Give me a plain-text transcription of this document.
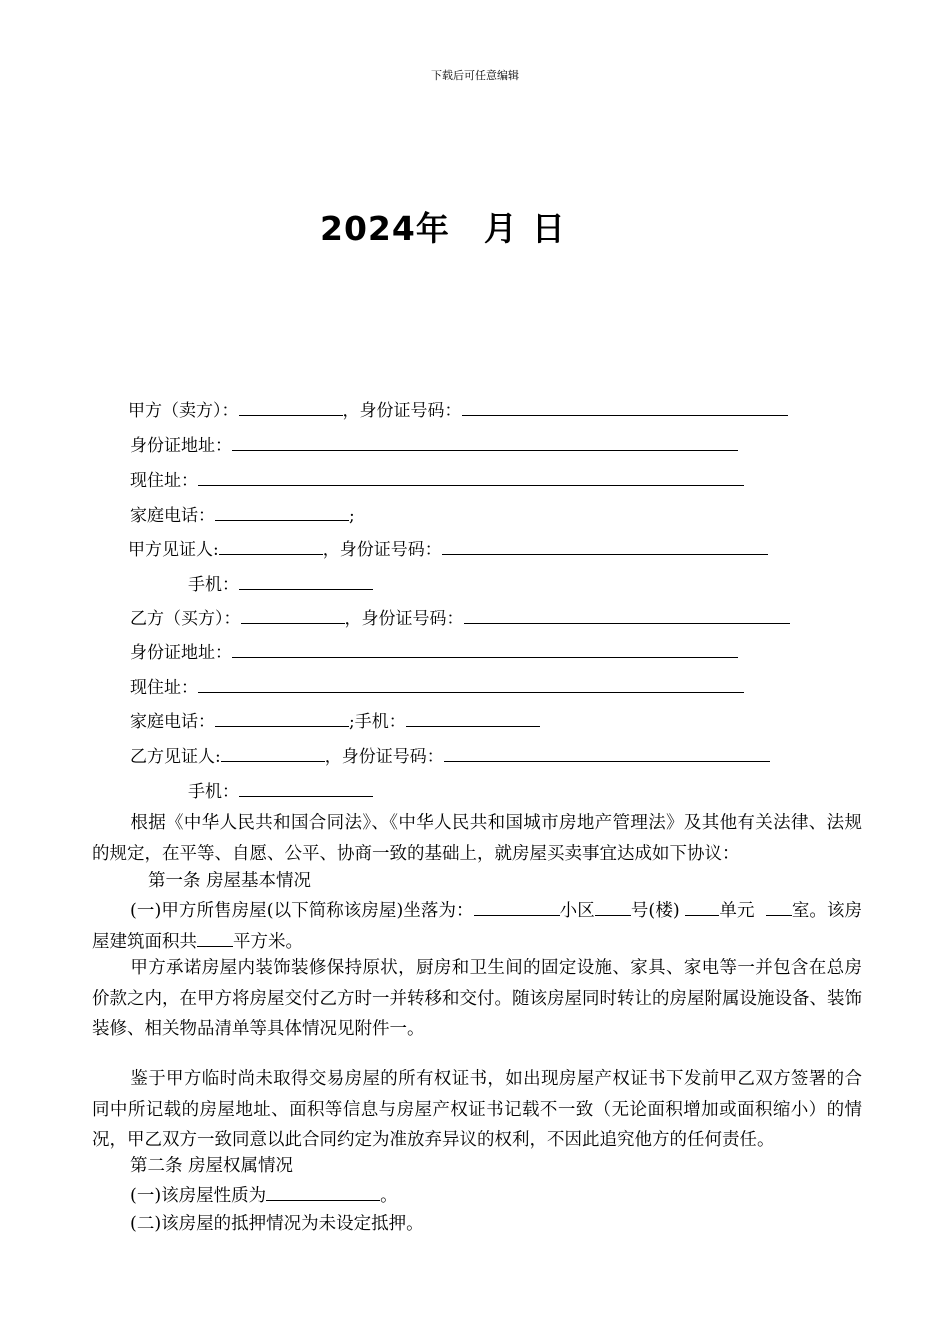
下载后可任意编辑
2024年 月 日
甲方（卖方）：	，身份证号码：
身份证地址：
现住址：
家庭电话：	;
甲方见证人:	，身份证号码：
手机：
乙方（买方）：	，身份证号码：
身份证地址：
现住址：
家庭电话：	;手机：
乙方见证人:	，身份证号码：
手机：
根据《中华人民共和国合同法》、《中华人民共和国城市房地产管理法》及其他有关法律、法规的规定，在平等、自愿、公平、协商一致的基础上，就房屋买卖事宜达成如下协议：
第一条 房屋基本情况
(一)甲方所售房屋(以下简称该房屋)坐落为：	小区 号(楼) 单元 室。该房屋建筑面积共 平方米。
甲方承诺房屋内装饰装修保持原状，厨房和卫生间的固定设施、家具、家电等一并包含在总房价款之内，在甲方将房屋交付乙方时一并转移和交付。随该房屋同时转让的房屋附属设施设备、装饰装修、相关物品清单等具体情况见附件一。
鉴于甲方临时尚未取得交易房屋的所有权证书，如出现房屋产权证书下发前甲乙双方签署的合同中所记载的房屋地址、面积等信息与房屋产权证书记载不一致（无论面积增加或面积缩小）的情况，甲乙双方一致同意以此合同约定为准放弃异议的权利，不因此追究他方的任何责任。
第二条 房屋权属情况
(一)该房屋性质为	。
(二)该房屋的抵押情况为未设定抵押。
